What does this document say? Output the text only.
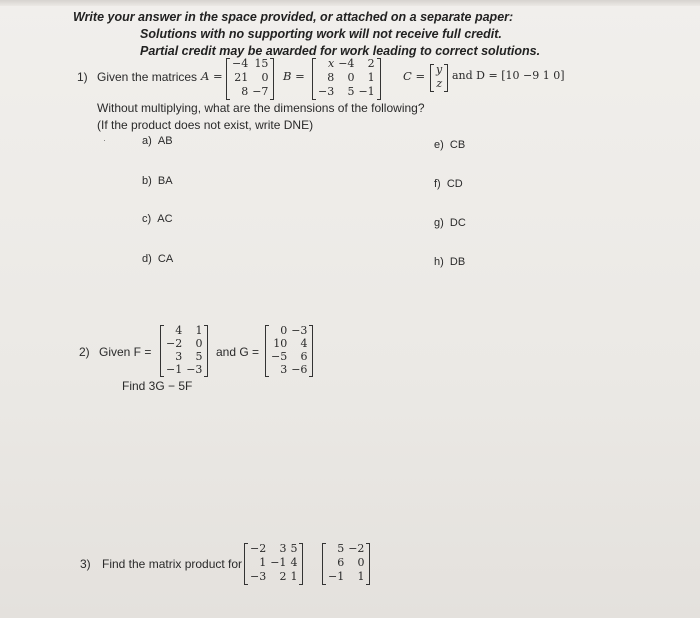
Write your answer in the space provided, or attached on a separate paper:
Solutions with no supporting work will not receive full credit.
Partial credit may be awarded for work leading to correct solutions.
1) Given the matrices A =
−4 15
21	0
8 −7
B =
x −4	2
8	0	1
−3	5 −1
C = y
z
and D = [10 −9 1 0]
Without multiplying, what are the dimensions of the following?
(If the product does not exist, write DNE)
·	a) AB
b) BA
c) AC
d) CA
e) CB
f) CD
g) DC
h) DB
2) Given F =
4	1
−2	0
3	5
−1 −3
and G =
0 −3
10	4
−5	6
3 −6
Find 3G − 5F
3) Find the matrix product for
−2	3 5
1 −1 4
−3	2 1
5 −2
6	0
−1	1
